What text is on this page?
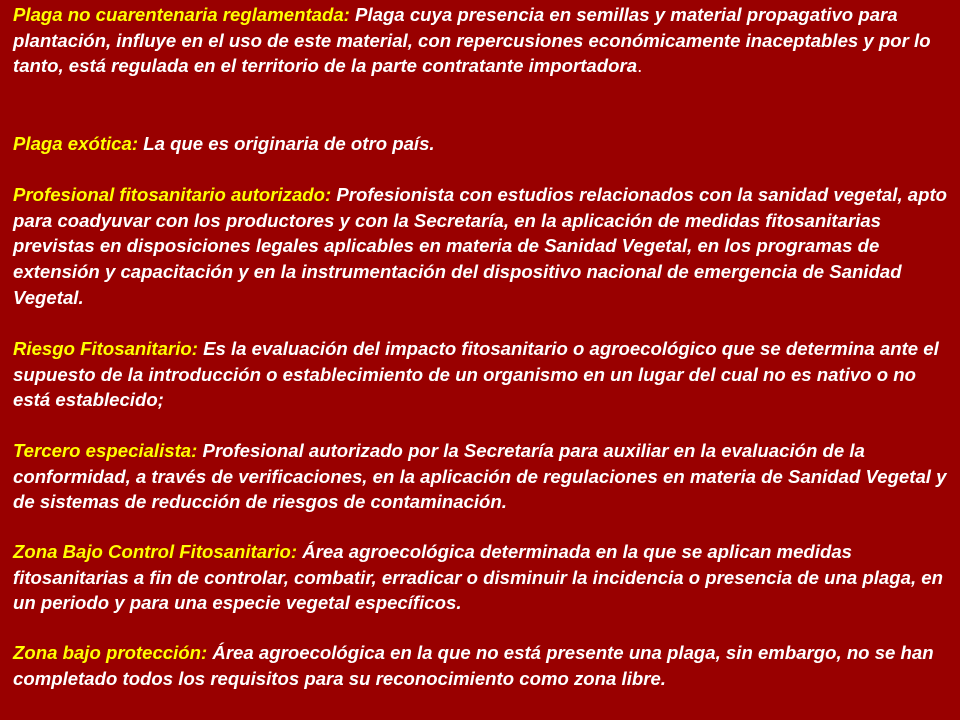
Plaga no cuarentenaria reglamentada: Plaga cuya presencia en semillas y material propagativo para plantación, influye en el uso de este material, con repercusiones económicamente inaceptables y por lo tanto, está regulada en el territorio de la parte contratante importadora.

Plaga exótica: La que es originaria de otro país.

Profesional fitosanitario autorizado: Profesionista con estudios relacionados con la sanidad vegetal, apto para coadyuvar con los productores y con la Secretaría, en la aplicación de medidas fitosanitarias previstas en disposiciones legales aplicables en materia de Sanidad Vegetal, en los programas de extensión y capacitación y en la instrumentación del dispositivo nacional de emergencia de Sanidad Vegetal.

Riesgo Fitosanitario: Es la evaluación del impacto fitosanitario o agroecológico que se determina ante el supuesto de la introducción o establecimiento de un organismo en un lugar del cual no es nativo o no está establecido;

Tercero especialista: Profesional autorizado por la Secretaría para auxiliar en la evaluación de la conformidad, a través de verificaciones, en la aplicación de regulaciones en materia de Sanidad Vegetal y de sistemas de reducción de riesgos de contaminación.

Zona Bajo Control Fitosanitario: Área agroecológica determinada en la que se aplican medidas fitosanitarias a fin de controlar, combatir, erradicar o disminuir la incidencia o presencia de una plaga, en un periodo y para una especie vegetal específicos.

Zona bajo protección: Área agroecológica en la que no está presente una plaga, sin embargo, no se han completado todos los requisitos para su reconocimiento como zona libre.
